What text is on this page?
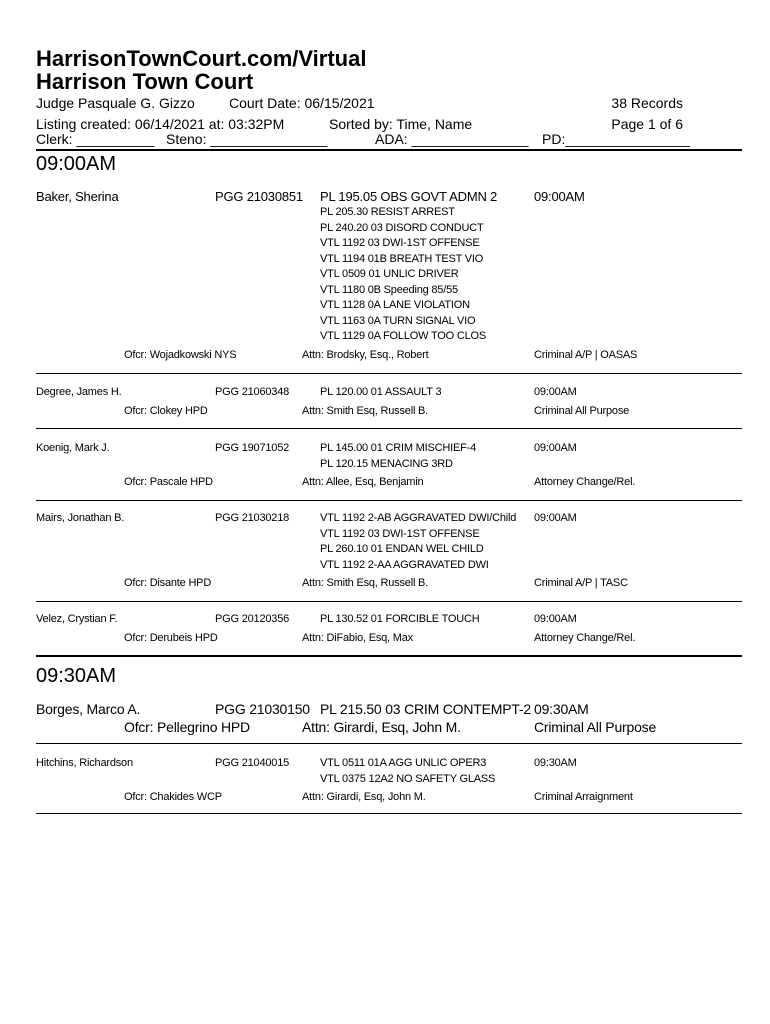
HarrisonTownCourt.com/Virtual
Harrison Town Court
Judge Pasquale G. Gizzo Court Date: 06/15/2021	38 Records
Listing created: 06/14/2021 at: 03:32PM	Sorted by: Time, Name	Page 1 of 6
Clerk: __________ Steno: _______________	ADA: _______________ PD:________________
09:00AM
Baker, Sherina	PGG 21030851 PL 195.05 OBS GOVT ADMN 2	09:00AM
PL 205.30 RESIST ARREST
PL 240.20 03 DISORD CONDUCT
VTL 1192 03 DWI-1ST OFFENSE
VTL 1194 01B BREATH TEST VIO
VTL 0509 01 UNLIC DRIVER
VTL 1180 0B Speeding 85/55
VTL 1128 0A LANE VIOLATION
VTL 1163 0A TURN SIGNAL VIO
VTL 1129 0A FOLLOW TOO CLOS
Ofcr: Wojadkowski NYS	Attn: Brodsky, Esq., Robert	Criminal A/P | OASAS
Degree, James H.	PGG 21060348	PL 120.00 01 ASSAULT 3	09:00AM
Ofcr: Clokey HPD	Attn: Smith Esq, Russell B.	Criminal All Purpose
Koenig, Mark J.	PGG 19071052	PL 145.00 01 CRIM MISCHIEF-4	09:00AM
PL 120.15 MENACING 3RD
Ofcr: Pascale HPD	Attn: Allee, Esq, Benjamin	Attorney Change/Rel.
Mairs, Jonathan B.	PGG 21030218	VTL 1192 2-AB AGGRAVATED DWI/Child 09:00AM
VTL 1192 03 DWI-1ST OFFENSE
PL 260.10 01 ENDAN WEL CHILD
VTL 1192 2-AA AGGRAVATED DWI
Ofcr: Disante HPD	Attn: Smith Esq, Russell B.	Criminal A/P | TASC
Velez, Crystian F.	PGG 20120356	PL 130.52 01 FORCIBLE TOUCH	09:00AM
Ofcr: Derubeis HPD	Attn: DiFabio, Esq, Max	Attorney Change/Rel.
09:30AM
Borges, Marco A.	PGG 21030150 PL 215.50 03 CRIM CONTEMPT-2 09:30AM
Ofcr: Pellegrino HPD	Attn: Girardi, Esq, John M.	Criminal All Purpose
Hitchins, Richardson	PGG 21040015	VTL 0511 01A AGG UNLIC OPER3	09:30AM
VTL 0375 12A2 NO SAFETY GLASS
Ofcr: Chakides WCP	Attn: Girardi, Esq, John M.	Criminal Arraignment
